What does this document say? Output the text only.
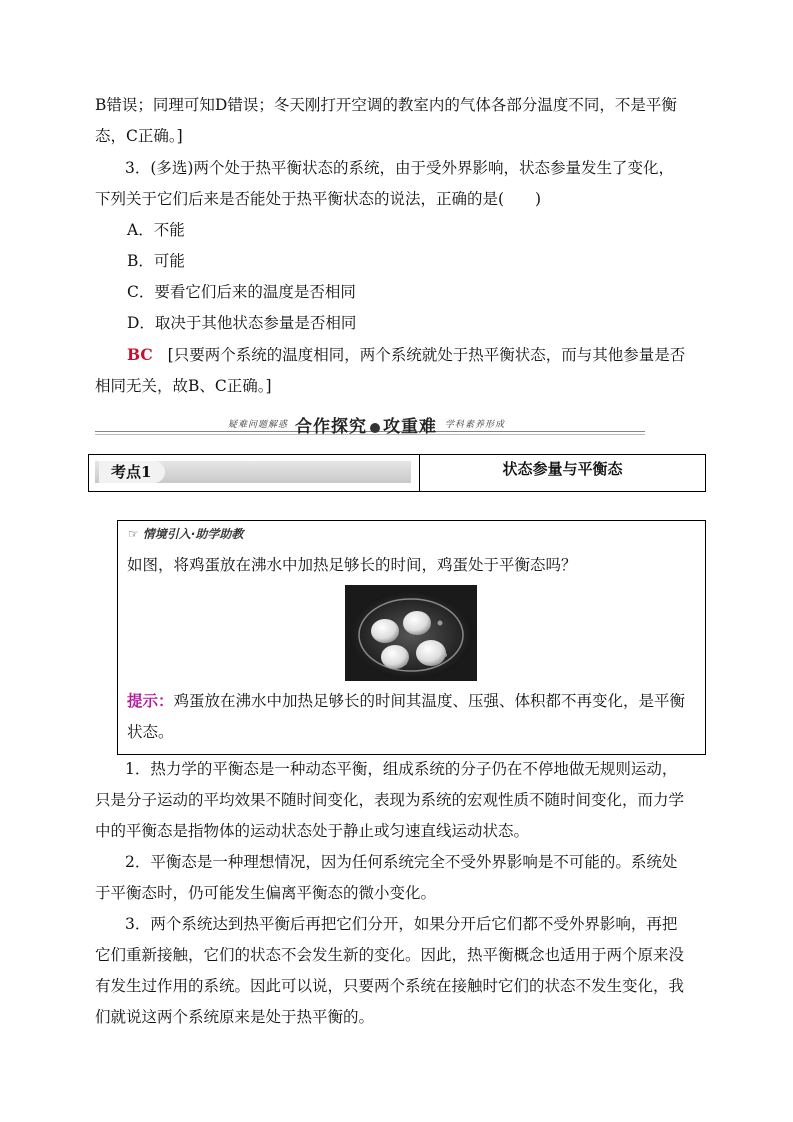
B错误；同理可知D错误；冬天刚打开空调的教室内的气体各部分温度不同，不是平衡
态，C正确。]
3．(多选)两个处于热平衡状态的系统，由于受外界影响，状态参量发生了变化，
下列关于它们后来是否能处于热平衡状态的说法，正确的是(　　)
A．不能
B．可能
C．要看它们后来的温度是否相同
D．取决于其他状态参量是否相同
BC [只要两个系统的温度相同，两个系统就处于热平衡状态，而与其他参量是否
相同无关，故B、C正确。]
疑难问题解惑 合作探究 攻重难 学科素养形成
考点1	状态参量与平衡态
☞ 情境引入·助学助教
如图，将鸡蛋放在沸水中加热足够长的时间，鸡蛋处于平衡态吗？
提示：鸡蛋放在沸水中加热足够长的时间其温度、压强、体积都不再变化，是平衡
状态。
1．热力学的平衡态是一种动态平衡，组成系统的分子仍在不停地做无规则运动，
只是分子运动的平均效果不随时间变化，表现为系统的宏观性质不随时间变化，而力学
中的平衡态是指物体的运动状态处于静止或匀速直线运动状态。
2．平衡态是一种理想情况，因为任何系统完全不受外界影响是不可能的。系统处
于平衡态时，仍可能发生偏离平衡态的微小变化。
3．两个系统达到热平衡后再把它们分开，如果分开后它们都不受外界影响，再把
它们重新接触，它们的状态不会发生新的变化。因此，热平衡概念也适用于两个原来没
有发生过作用的系统。因此可以说，只要两个系统在接触时它们的状态不发生变化，我
们就说这两个系统原来是处于热平衡的。
